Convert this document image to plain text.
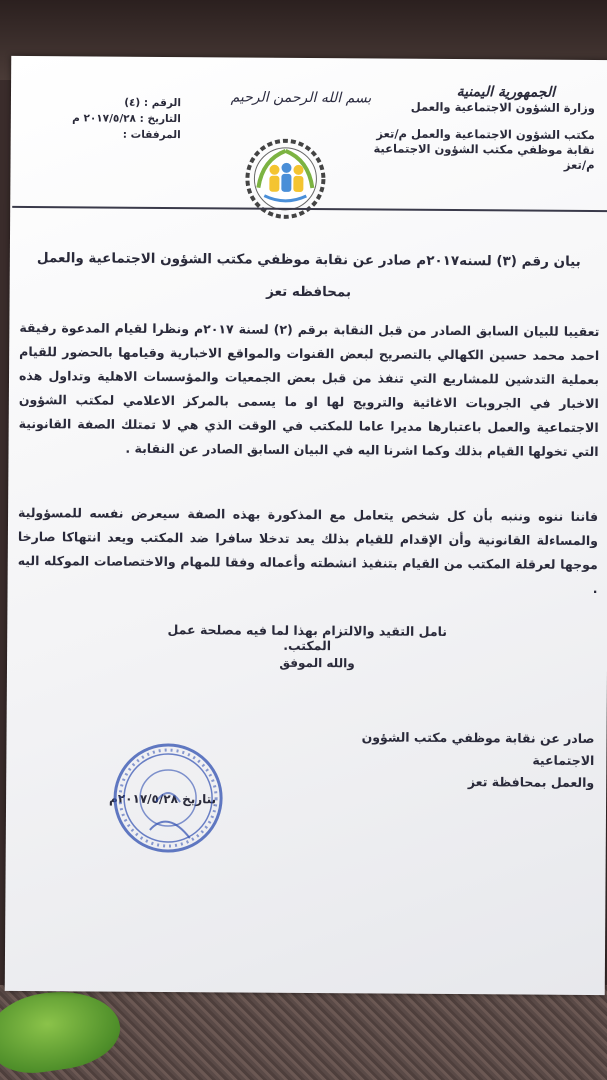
الجمهورية اليمنية
وزارة الشؤون الاجتماعية والعمل
مكتب الشؤون الاجتماعية والعمل م/تعز
نقابة موظفي مكتب الشؤون الاجتماعية
م/تعز
بسم الله الرحمن الرحيم
الرقم : (٤)
التاريخ : ٢٠١٧/٥/٢٨ م
المرفقات :
بيان رقم (٣) لسنه٢٠١٧م صادر عن نقابة موظفي مكتب الشؤون الاجتماعية والعمل
بمحافظه تعز
تعقيبا للبيان السابق الصادر من قبل النقابة برقم (٢) لسنة ٢٠١٧م ونظرا لقيام المدعوة رفيقة احمد محمد حسين الكهالي بالتصريح لبعض القنوات والمواقع الاخبارية وقيامها بالحضور للقيام بعملية التدشين للمشاريع التي تنفذ من قبل بعض الجمعيات والمؤسسات الاهلية وتداول هذه الاخبار في الجروبات الاغاثية والترويج لها او ما يسمى بالمركز الاعلامي لمكتب الشؤون الاجتماعية والعمل باعتبارها مديرا عاما للمكتب في الوقت الذي هي لا تمتلك الصفة القانونية التي تخولها القيام بذلك وكما اشرنا اليه في البيان السابق الصادر عن النقابة .
فاننا ننوه وننبه بأن كل شخص يتعامل مع المذكورة بهذه الصفة سيعرض نفسه للمسؤولية والمساءلة القانونية وأن الإقدام للقيام بذلك يعد تدخلا سافرا ضد المكتب ويعد انتهاكا صارخا موجها لعرقلة المكتب من القيام بتنفيذ انشطته وأعماله وفقا للمهام والاختصاصات الموكله اليه .
نامل التقيد والالتزام بهذا لما فيه مصلحة عمل المكتب.
والله الموفق
صادر عن نقابة موظفي مكتب الشؤون الاجتماعية
والعمل بمحافظة تعز
بتاريخ ٢٠١٧/٥/٢٨م
